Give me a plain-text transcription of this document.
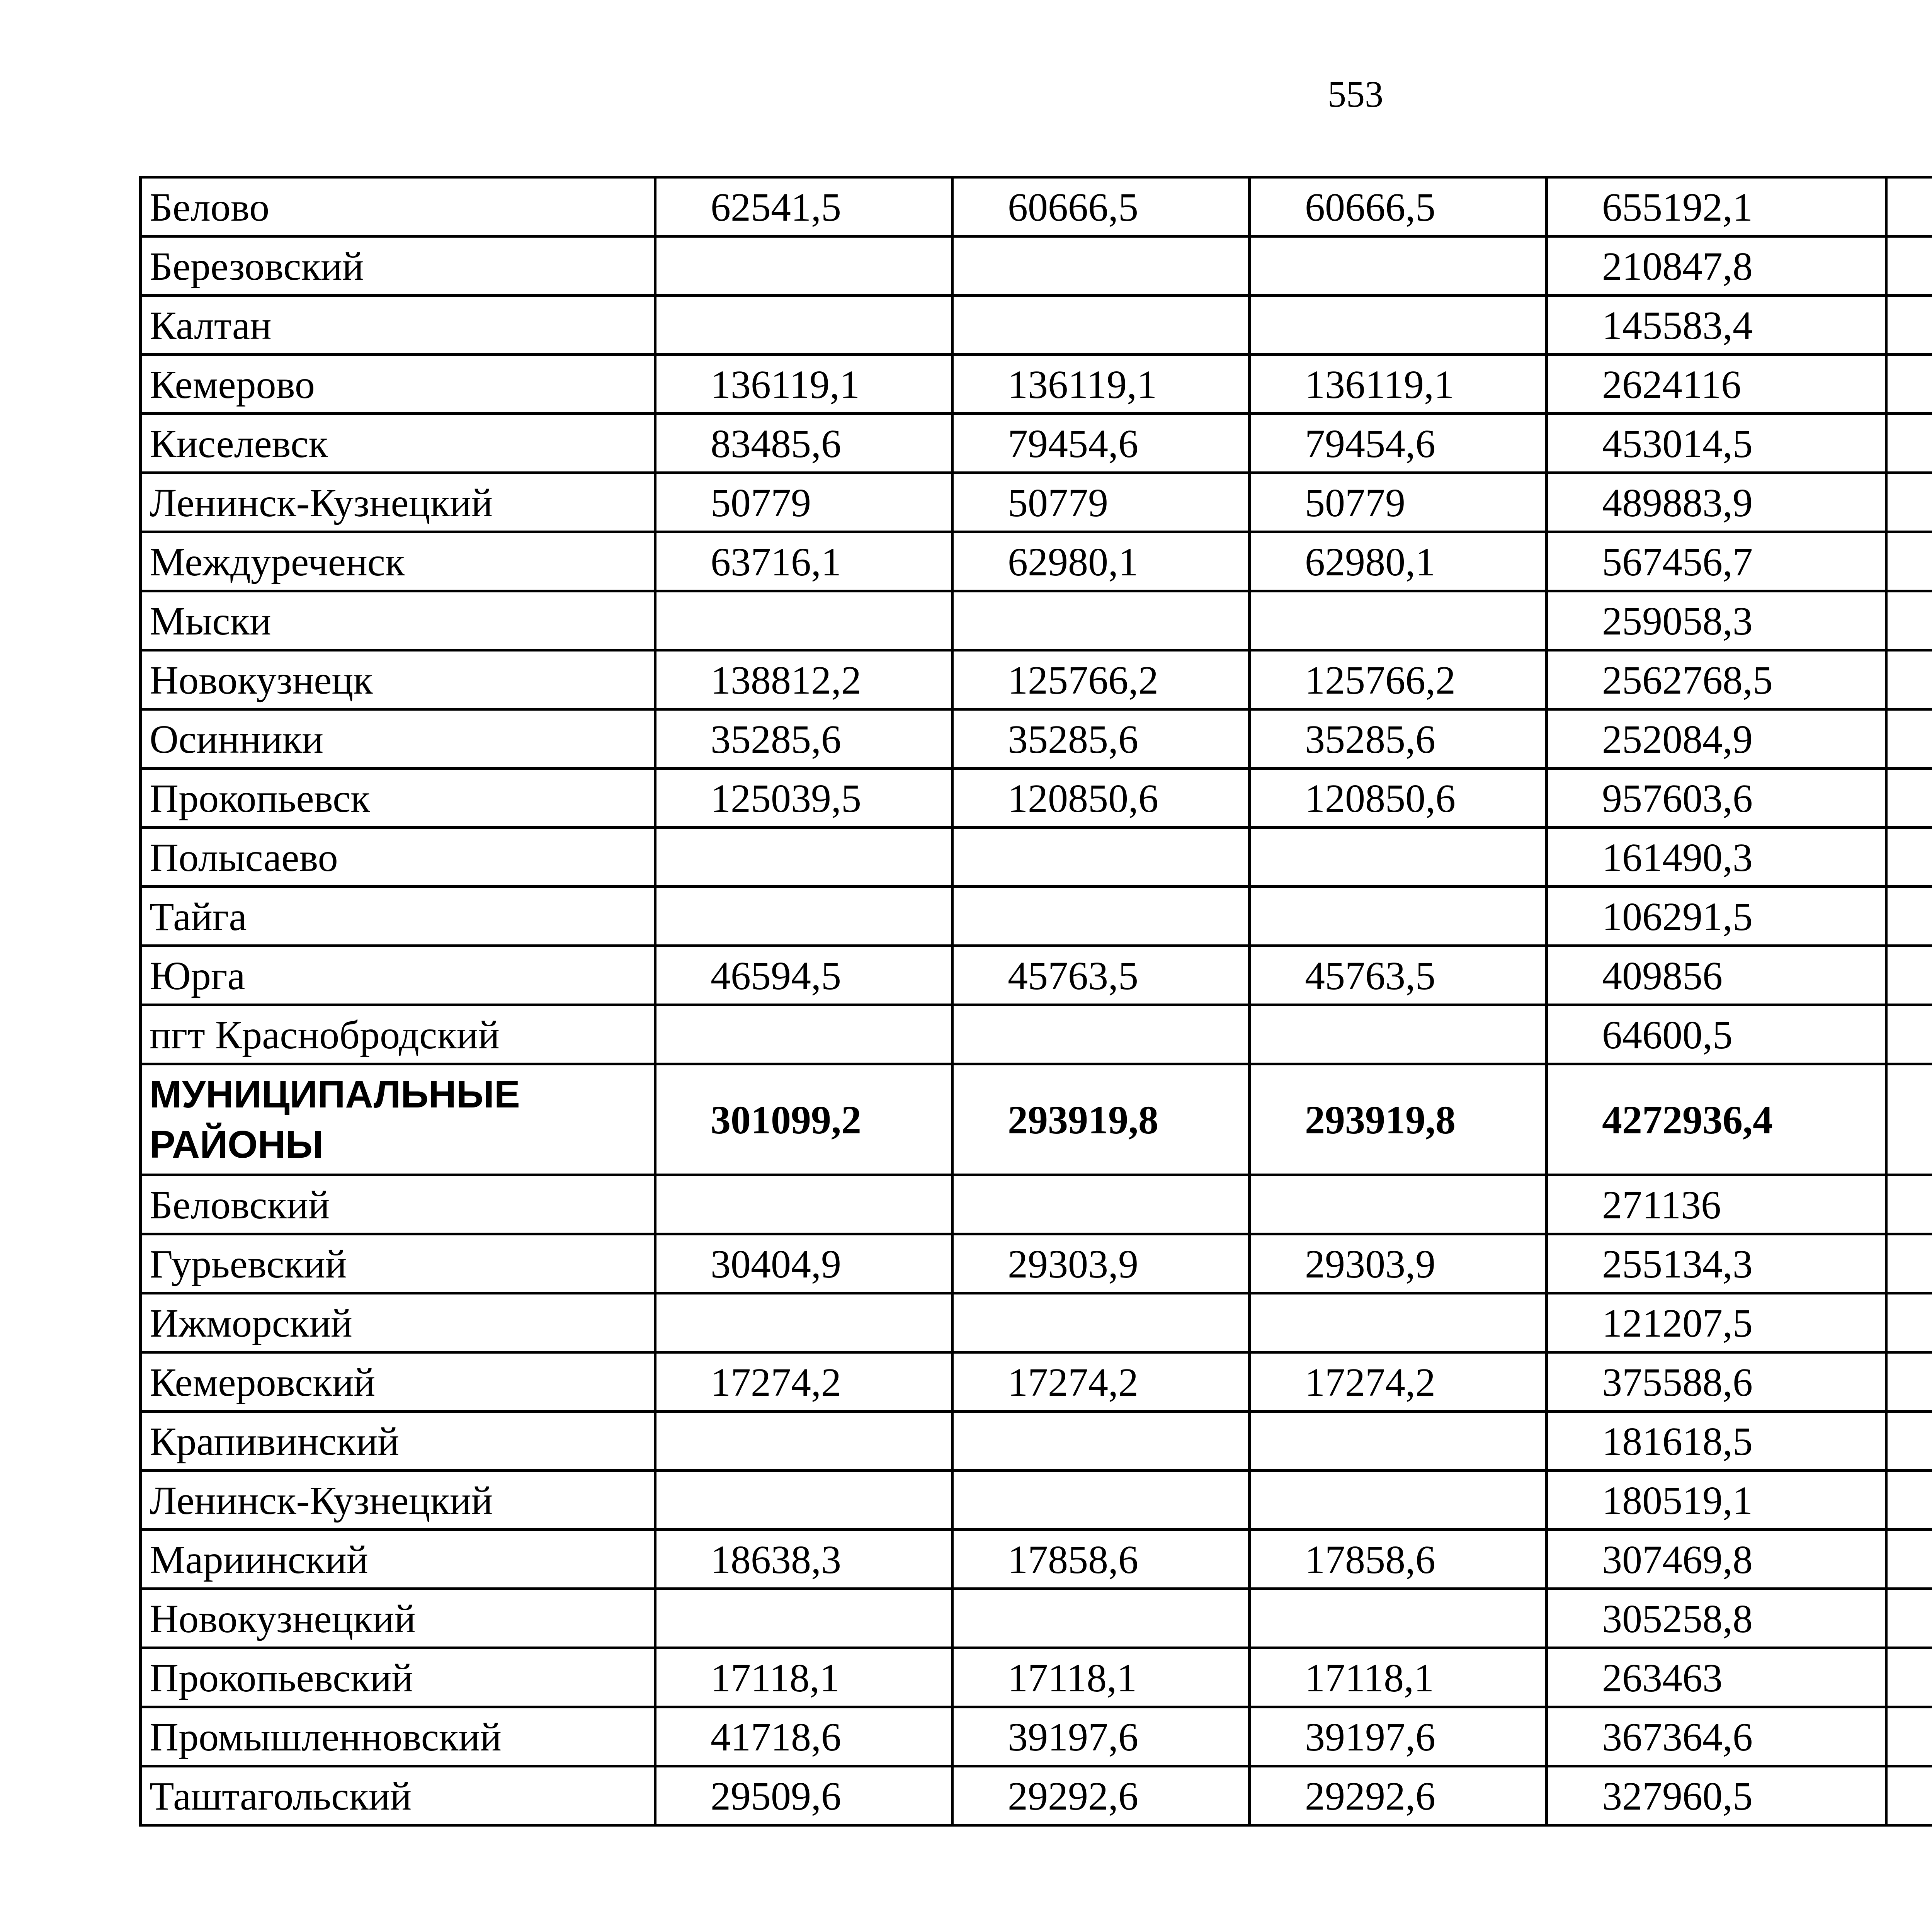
553
Белово	62541,5	60666,5	60666,5	655192,1		
Березовский				210847,8		
Калтан				145583,4		
Кемерово	136119,1	136119,1	136119,1	2624116		
Киселевск	83485,6	79454,6	79454,6	453014,5		
Ленинск-Кузнецкий	50779	50779	50779	489883,9		
Междуреченск	63716,1	62980,1	62980,1	567456,7		
Мыски				259058,3		
Новокузнецк	138812,2	125766,2	125766,2	2562768,5		
Осинники	35285,6	35285,6	35285,6	252084,9		
Прокопьевск	125039,5	120850,6	120850,6	957603,6		
Полысаево				161490,3		
Тайга				106291,5		
Юрга	46594,5	45763,5	45763,5	409856		
пгт Краснобродский				64600,5		
МУНИЦИПАЛЬНЫЕ РАЙОНЫ	301099,2	293919,8	293919,8	4272936,4		
Беловский				271136		
Гурьевский	30404,9	29303,9	29303,9	255134,3		
Ижморский				121207,5		
Кемеровский	17274,2	17274,2	17274,2	375588,6		
Крапивинский				181618,5		
Ленинск-Кузнецкий				180519,1		
Мариинский	18638,3	17858,6	17858,6	307469,8		
Новокузнецкий				305258,8		
Прокопьевский	17118,1	17118,1	17118,1	263463		
Промышленновский	41718,6	39197,6	39197,6	367364,6		
Таштагольский	29509,6	29292,6	29292,6	327960,5		
